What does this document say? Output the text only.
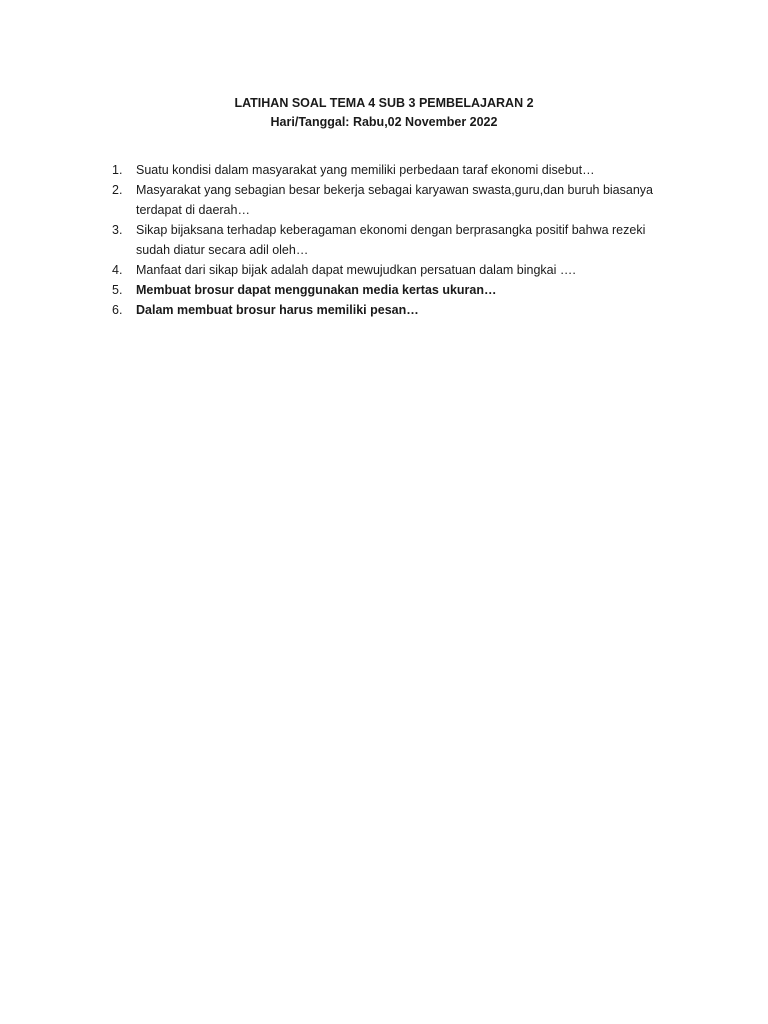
LATIHAN SOAL TEMA 4 SUB 3 PEMBELAJARAN 2
Hari/Tanggal: Rabu,02 November 2022
1.	Suatu kondisi dalam masyarakat yang memiliki perbedaan taraf ekonomi disebut…
2.	Masyarakat yang sebagian besar bekerja sebagai karyawan swasta,guru,dan buruh biasanya terdapat di daerah…
3.	Sikap bijaksana terhadap keberagaman ekonomi dengan berprasangka positif bahwa rezeki sudah diatur secara adil oleh…
4.	Manfaat dari sikap bijak adalah dapat mewujudkan persatuan dalam bingkai ….
5.	Membuat brosur dapat menggunakan media kertas ukuran…
6.	Dalam membuat brosur harus memiliki pesan…
